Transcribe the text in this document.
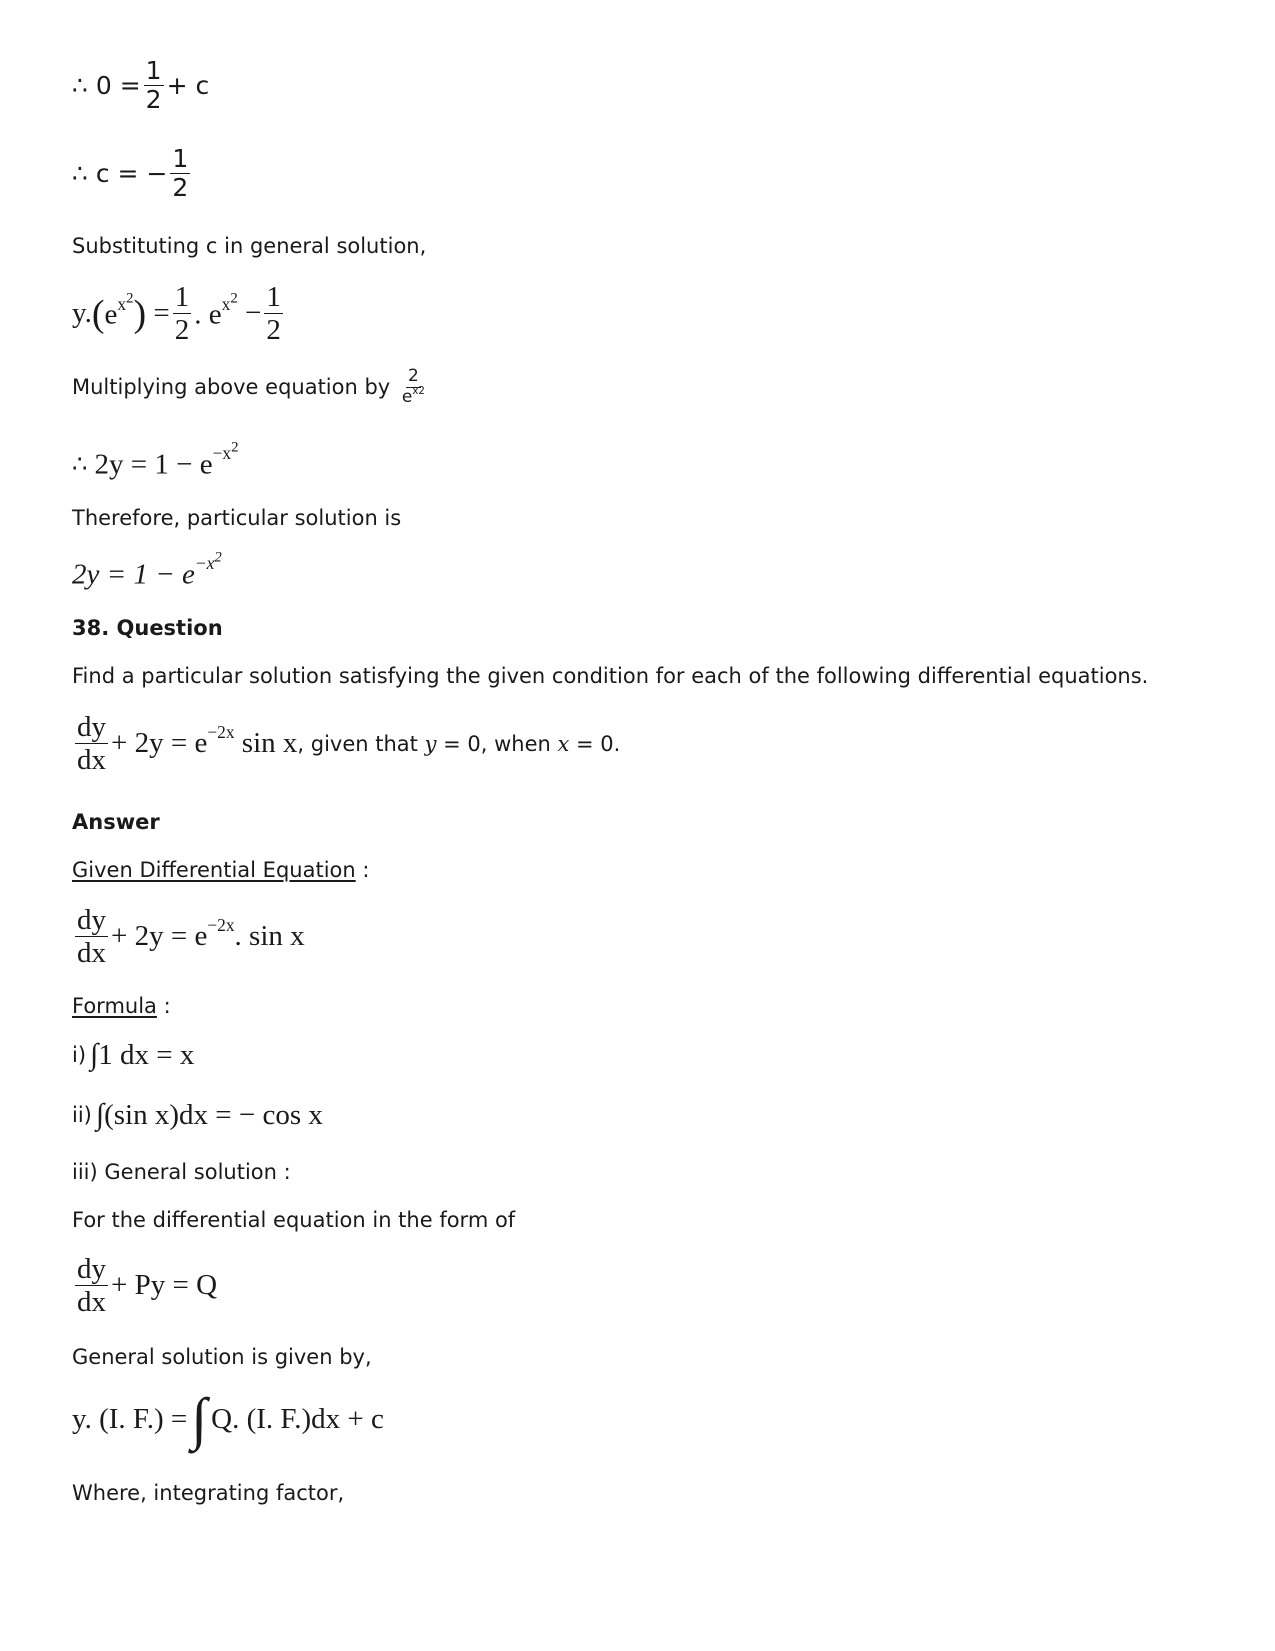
∴
$0 = \frac{1}{2} + c$
∴
c = − $\frac{1}{2}$
Substituting c in general solution,
y. ( $e^{x^2}$ )
= $\frac{1}{2}$ . $e^{x^2}$
− $\frac{1}{2}$
Multiplying above equation by
$\frac{2}{e^{x2}}$
∴
$2y = 1 - e^{-x^2}$
Therefore, particular solution is
$2y = 1 - e^{-x^2}$
38. Question
Find a particular solution satisfying the given condition for each of the following differential equations.
$\frac{dy}{dx} + 2y = e^{-2x}$ sin x , given that y = 0, when x = 0.
Answer
Given Differential Equation :
$\frac{dy}{dx} + 2y = e^{-2x}$. sin x
Formula :
i)
∫ 1 dx = x
ii)
∫ (sin x)dx = − cos x
iii) General solution :
For the differential equation in the form of
$\frac{dy}{dx} + Py = Q$
General solution is given by,
y. (I. F.) = ∫ Q. (I. F.)dx + c
Where, integrating factor,
